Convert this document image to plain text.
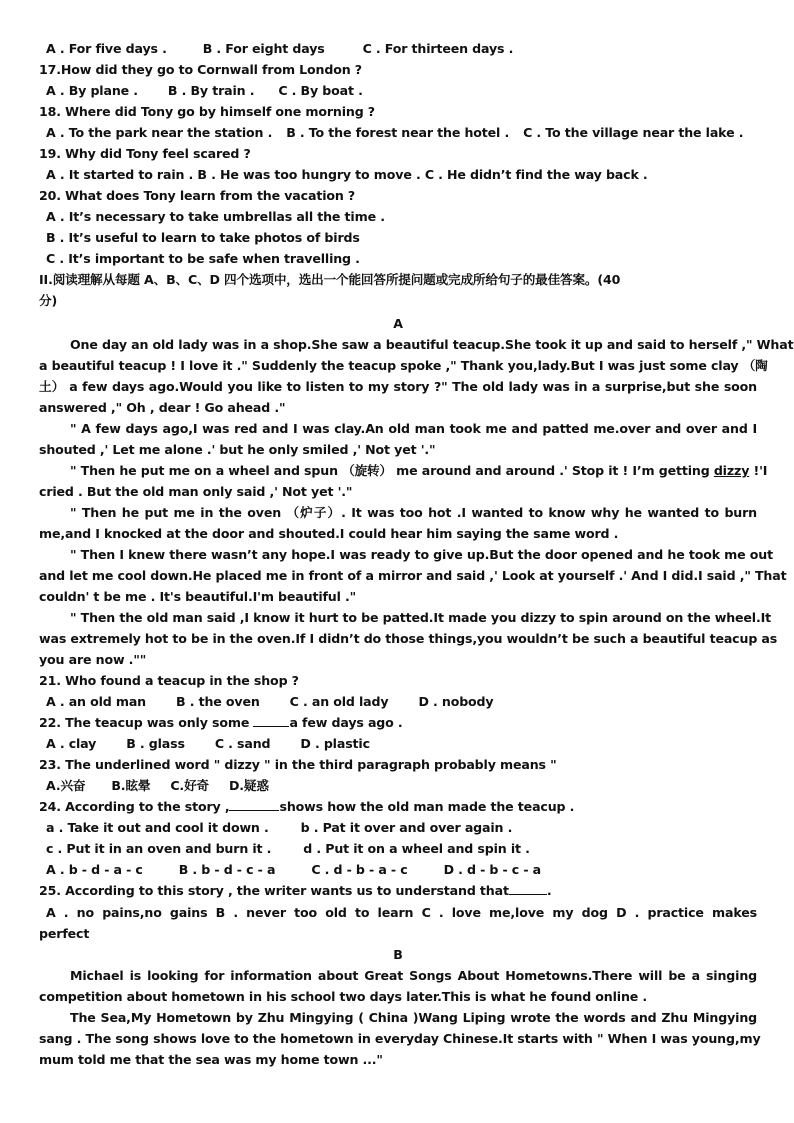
A . For five days .	B . For eight days	C . For thirteen days .
17.How did they go to Cornwall from London ?
A . By plane . B . By train . C . By boat .
18. Where did Tony go by himself one morning ?
A . To the park near the station . B . To the forest near the hotel . C . To the village near the lake .
19. Why did Tony feel scared ?
A . It started to rain . B . He was too hungry to move . C . He didn’t find the way back .
20. What does Tony learn from the vacation ?
A . It’s necessary to take umbrellas all the time .
B . It’s useful to learn to take photos of birds
C . It’s important to be safe when travelling .
II.阅读理解从每题 A、B、C、D 四个选项中，选出一个能回答所提问题或完成所给句子的最佳答案。(40
分)
A
One day an old lady was in a shop.She saw a beautiful teacup.She took it up and said to herself ," What
a beautiful teacup ! I love it ." Suddenly the teacup spoke ," Thank you,lady.But I was just some clay （陶
土） a few days ago.Would you like to listen to my story ?" The old lady was in a surprise,but she soon
answered ," Oh , dear ! Go ahead ."
" A few days ago,I was red and I was clay.An old man took me and patted me.over and over and I
shouted ,' Let me alone .' but he only smiled ,' Not yet '."
" Then he put me on a wheel and spun （旋转） me around and around .' Stop it ! I’m getting dizzy !'I
cried . But the old man only said ,' Not yet '."
" Then he put me in the oven （炉子）. It was too hot .I wanted to know why he wanted to burn
me,and I knocked at the door and shouted.I could hear him saying the same word .
" Then I knew there wasn’t any hope.I was ready to give up.But the door opened and he took me out
and let me cool down.He placed me in front of a mirror and said ,' Look at yourself .' And I did.I said ," That
couldn' t be me . It's beautiful.I'm beautiful ."
" Then the old man said ,I know it hurt to be patted.It made you dizzy to spin around on the wheel.It
was extremely hot to be in the oven.If I didn’t do those things,you wouldn’t be such a beautiful teacup as
you are now .""
21. Who found a teacup in the shop ?
A . an old man B . the oven C . an old lady D . nobody
22. The teacup was only some	a few days ago .
A . clay B . glass C . sand D . plastic
23. The underlined word " dizzy " in the third paragraph probably means "
A.兴奋 B.眩晕 C.好奇 D.疑惑
24. According to the story ,	shows how the old man made the teacup .
a . Take it out and cool it down .	b . Pat it over and over again .
c . Put it in an oven and burn it .	d . Put it on a wheel and spin it .
A . b - d - a - c	B . b - d - c - a	C . d - b - a - c	D . d - b - c - a
25. According to this story , the writer wants us to understand that	.
A . no pains,no gains B . never too old to learn C . love me,love my dog D . practice makes
perfect
B
Michael is looking for information about Great Songs About Hometowns.There will be a singing
competition about hometown in his school two days later.This is what he found online .
The Sea,My Hometown by Zhu Mingying ( China )Wang Liping wrote the words and Zhu Mingying
sang . The song shows love to the hometown in everyday Chinese.It starts with " When I was young,my
mum told me that the sea was my home town ..."
